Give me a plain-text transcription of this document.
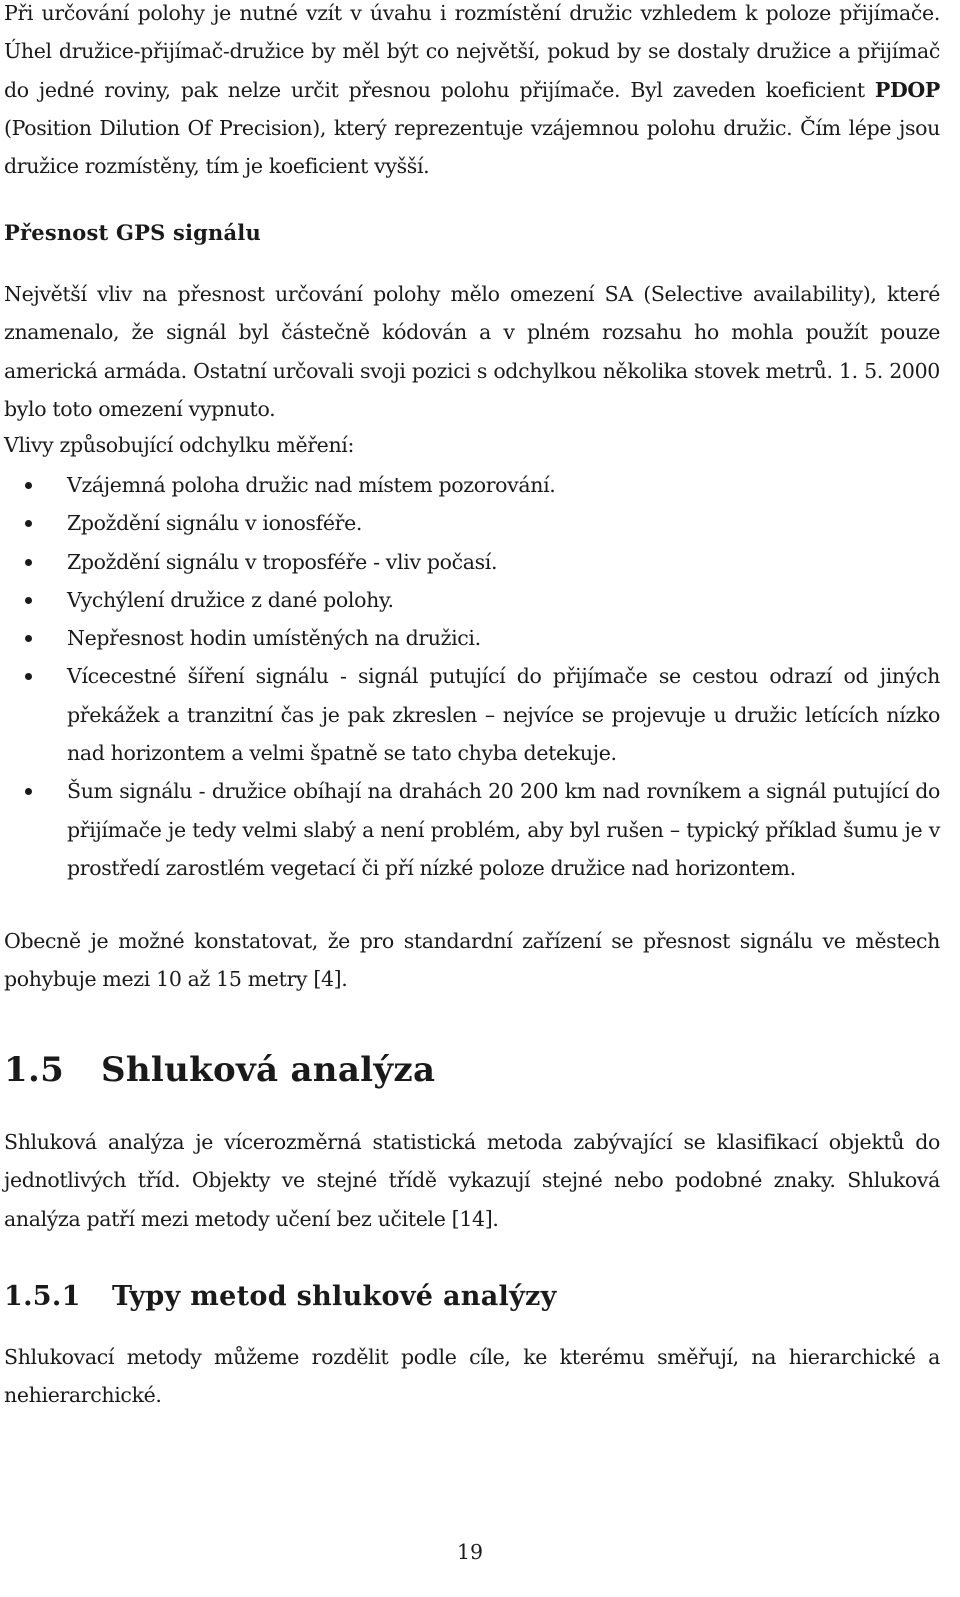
Při určování polohy je nutné vzít v úvahu i rozmístění družic vzhledem k poloze přijímače. Úhel družice-přijímač-družice by měl být co největší, pokud by se dostaly družice a přijímač do jedné roviny, pak nelze určit přesnou polohu přijímače. Byl zaveden koeficient PDOP (Position Dilution Of Precision), který reprezentuje vzájemnou polohu družic. Čím lépe jsou družice rozmístěny, tím je koeficient vyšší.

Přesnost GPS signálu

Největší vliv na přesnost určování polohy mělo omezení SA (Selective availability), které znamenalo, že signál byl částečně kódován a v plném rozsahu ho mohla použít pouze americká armáda. Ostatní určovali svoji pozici s odchylkou několika stovek metrů. 1. 5. 2000 bylo toto omezení vypnuto.

Vlivy způsobující odchylku měření:

Vzájemná poloha družic nad místem pozorování.
Zpoždění signálu v ionosféře.
Zpoždění signálu v troposféře - vliv počasí.
Vychýlení družice z dané polohy.
Nepřesnost hodin umístěných na družici.
Vícecestné šíření signálu - signál putující do přijímače se cestou odrazí od jiných překážek a tranzitní čas je pak zkreslen – nejvíce se projevuje u družic letících nízko nad horizontem a velmi špatně se tato chyba detekuje.
Šum signálu - družice obíhají na drahách 20 200 km nad rovníkem a signál putující do přijímače je tedy velmi slabý a není problém, aby byl rušen – typický příklad šumu je v prostředí zarostlém vegetací či pří nízké poloze družice nad horizontem.

Obecně je možné konstatovat, že pro standardní zařízení se přesnost signálu ve městech pohybuje mezi 10 až 15 metry [4].

1.5 Shluková analýza

Shluková analýza je vícerozměrná statistická metoda zabývající se klasifikací objektů do jednotlivých tříd. Objekty ve stejné třídě vykazují stejné nebo podobné znaky. Shluková analýza patří mezi metody učení bez učitele [14].

1.5.1 Typy metod shlukové analýzy

Shlukovací metody můžeme rozdělit podle cíle, ke kterému směřují, na hierarchické a nehierarchické.

19
